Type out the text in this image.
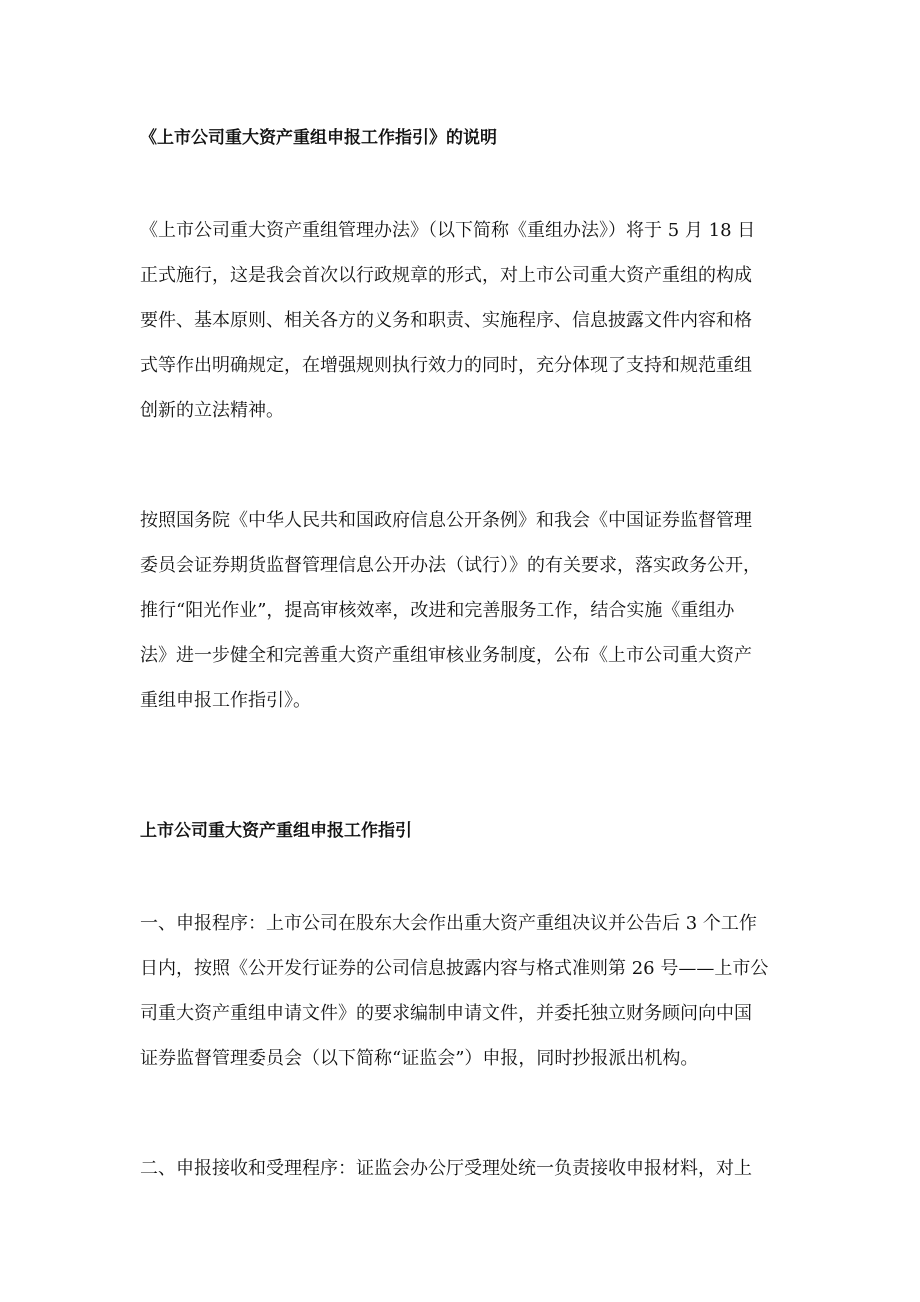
《上市公司重大资产重组申报工作指引》的说明
《上市公司重大资产重组管理办法》（以下简称《重组办法》）将于 5 月 18 日
正式施行，这是我会首次以行政规章的形式，对上市公司重大资产重组的构成
要件、基本原则、相关各方的义务和职责、实施程序、信息披露文件内容和格
式等作出明确规定，在增强规则执行效力的同时，充分体现了支持和规范重组
创新的立法精神。
按照国务院《中华人民共和国政府信息公开条例》和我会《中国证券监督管理
委员会证券期货监督管理信息公开办法（试行）》的有关要求，落实政务公开，
推行“阳光作业”，提高审核效率，改进和完善服务工作，结合实施《重组办
法》进一步健全和完善重大资产重组审核业务制度，公布《上市公司重大资产
重组申报工作指引》。
上市公司重大资产重组申报工作指引
一、申报程序：上市公司在股东大会作出重大资产重组决议并公告后 3 个工作
日内，按照《公开发行证券的公司信息披露内容与格式准则第 26 号——上市公
司重大资产重组申请文件》的要求编制申请文件，并委托独立财务顾问向中国
证券监督管理委员会（以下简称“证监会”）申报，同时抄报派出机构。
二、申报接收和受理程序：证监会办公厅受理处统一负责接收申报材料，对上
